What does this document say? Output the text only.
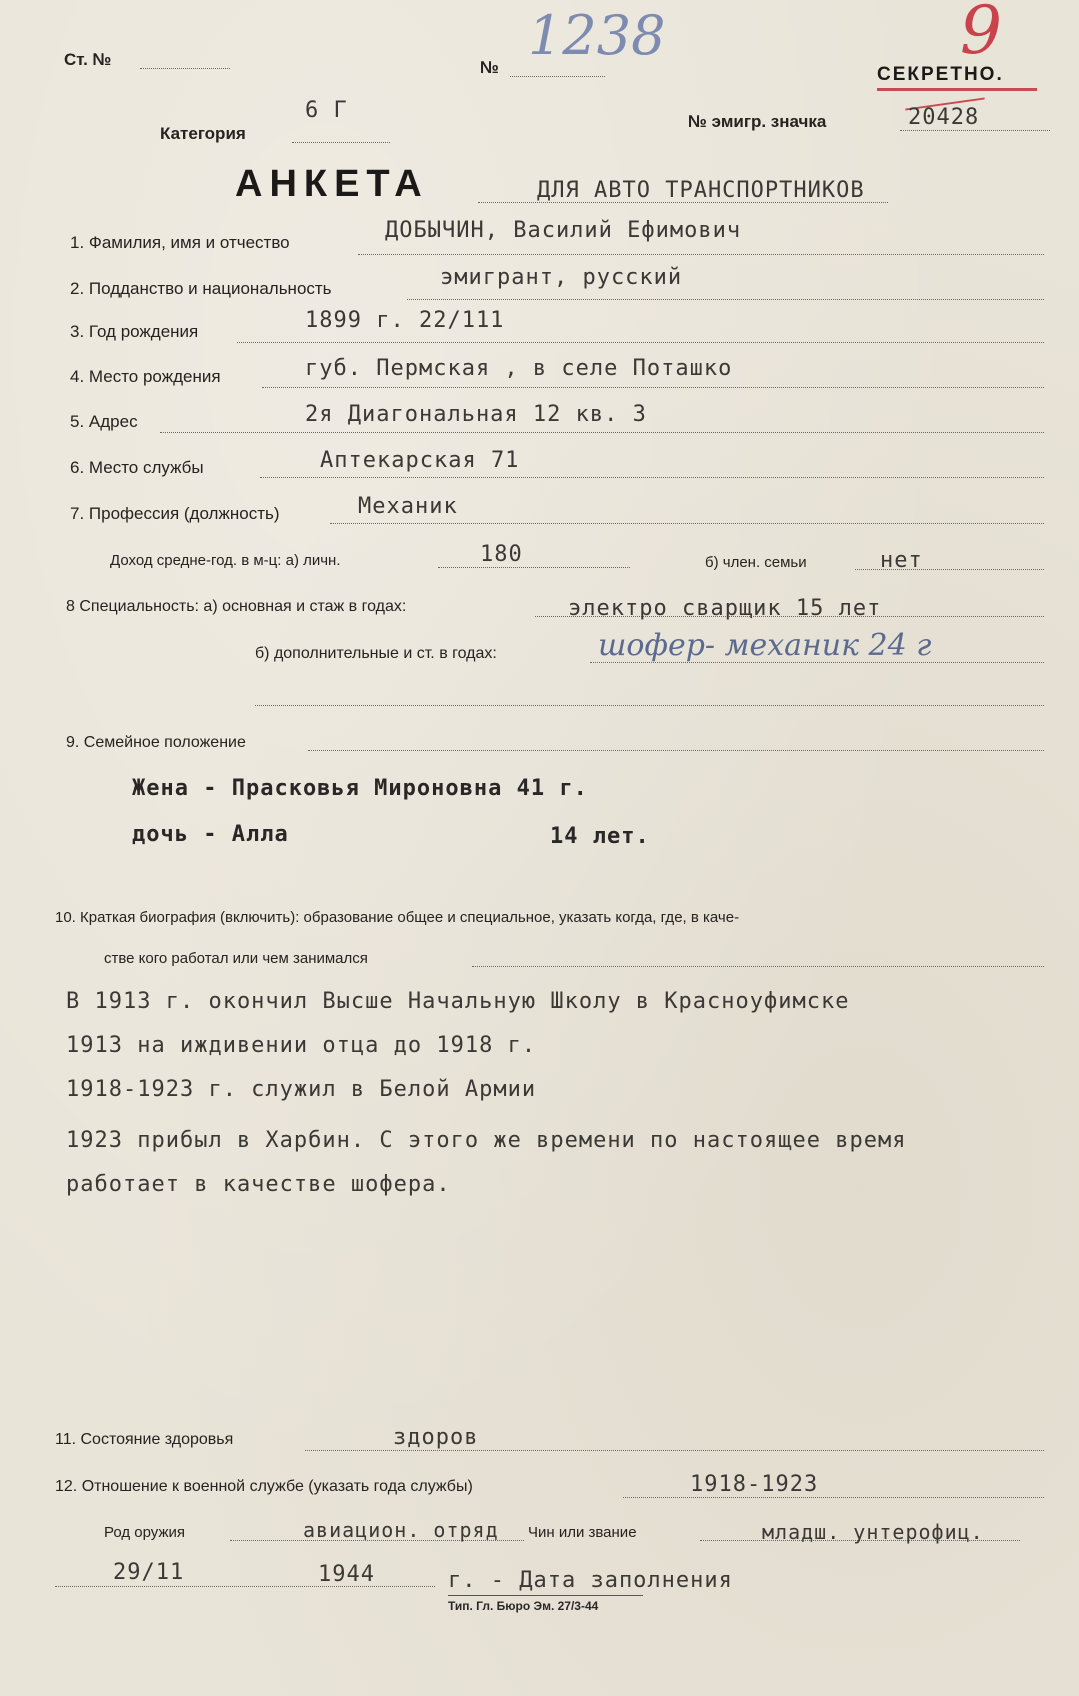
Ст. №	№
1238	9
СЕКРЕТНО.
6 Г
Категория
№ эмигр. значка	20428
АНКЕТА	ДЛЯ АВТО ТРАНСПОРТНИКОВ
1. Фамилия, имя и отчество	ДОБЫЧИН, Василий Ефимович
2. Подданство и национальность	эмигрант, русский
3. Год рождения	1899 г. 22/111
4. Место рождения	губ. Пермская , в селе Поташко
5. Адрес	2я Диагональная 12 кв. 3
6. Место службы	Аптекарская 71
7. Профессия (должность)	Механик
Доход средне-год. в м-ц: а) личн.	180	б) член. семьи	нет
8 Специальность: а) основная и стаж в годах:	электро сварщик 15 лет
б) дополнительные и ст. в годах:	шофер- механик 24 г
9. Семейное положение
Жена - Прасковья Мироновна 41 г.
дочь - Алла	14 лет.
10. Краткая биография (включить): образование общее и специальное, указать когда, где, в каче-
стве кого работал или чем занимался
В 1913 г. окончил Высше Начальную Школу в Красноуфимске
1913 на иждивении отца до 1918 г.
1918-1923 г. служил в Белой Армии
1923 прибыл в Харбин. С этого же времени по настоящее время
работает в качестве шофера.
11. Состояние здоровья	здоров
12. Отношение к военной службе (указать года службы)	1918-1923
Род оружия	авиацион. отряд Чин или звание	младш. унтерофиц.
29/11	1944	г. - Дата заполнения
Тип. Гл. Бюро Эм. 27/3-44
